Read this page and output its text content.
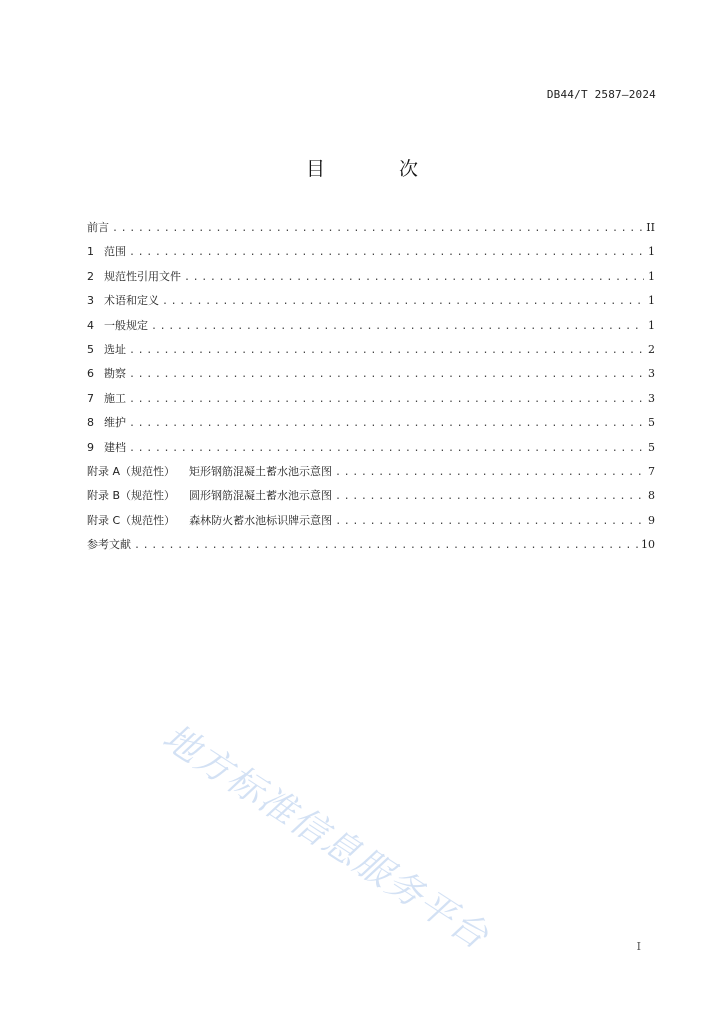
DB44/T 2587—2024
目 次
前言 .....	II
1 范围 .....	1
2 规范性引用文件 .....	1
3 术语和定义 .....	1
4 一般规定 .....	1
5 选址 .....	2
6 勘察 .....	3
7 施工 .....	3
8 维护 .....	5
9 建档 .....	5
附录 A（规范性） 矩形钢筋混凝土蓄水池示意图 .....	7
附录 B（规范性） 圆形钢筋混凝土蓄水池示意图 .....	8
附录 C（规范性） 森林防火蓄水池标识牌示意图 .....	9
参考文献 .....	10
地方标准信息服务平台	I
